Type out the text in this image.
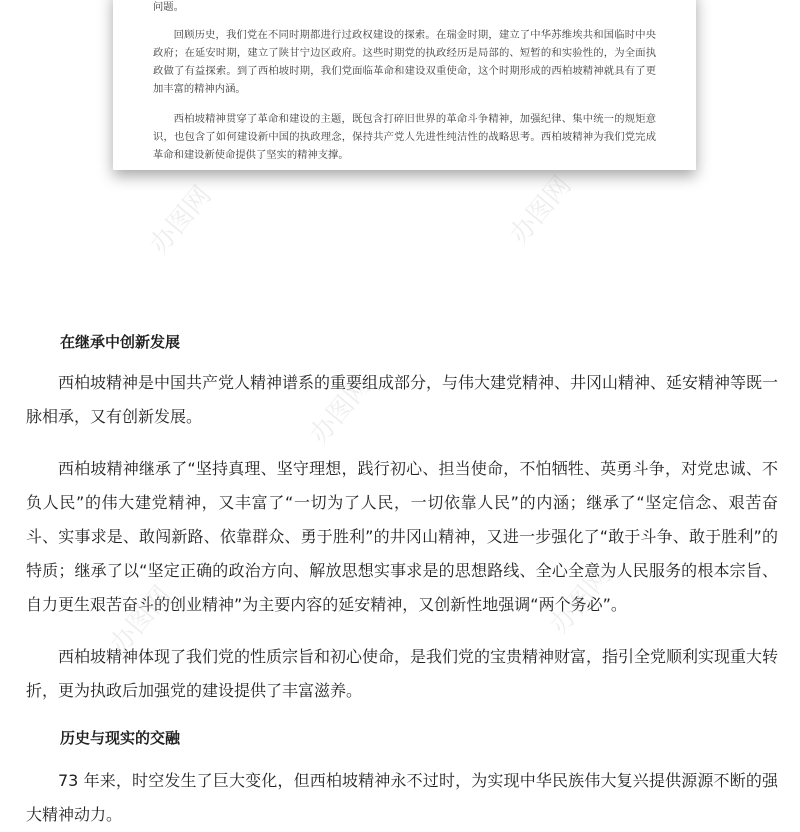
问题。

回顾历史，我们党在不同时期都进行过政权建设的探索。在瑞金时期，建立了中华苏维埃共和国临时中央政府；在延安时期，建立了陕甘宁边区政府。这些时期党的执政经历是局部的、短暂的和实验性的，为全面执政做了有益探索。到了西柏坡时期，我们党面临革命和建设双重使命，这个时期形成的西柏坡精神就具有了更加丰富的精神内涵。

西柏坡精神贯穿了革命和建设的主题，既包含打碎旧世界的革命斗争精神，加强纪律、集中统一的规矩意识，也包含了如何建设新中国的执政理念，保持共产党人先进性纯洁性的战略思考。西柏坡精神为我们党完成革命和建设新使命提供了坚实的精神支撑。

在继承中创新发展

西柏坡精神是中国共产党人精神谱系的重要组成部分，与伟大建党精神、井冈山精神、延安精神等既一脉相承，又有创新发展。

西柏坡精神继承了“坚持真理、坚守理想，践行初心、担当使命，不怕牺牲、英勇斗争，对党忠诚、不负人民”的伟大建党精神，又丰富了“一切为了人民，一切依靠人民”的内涵；继承了“坚定信念、艰苦奋斗、实事求是、敢闯新路、依靠群众、勇于胜利”的井冈山精神，又进一步强化了“敢于斗争、敢于胜利”的特质；继承了以“坚定正确的政治方向、解放思想实事求是的思想路线、全心全意为人民服务的根本宗旨、自力更生艰苦奋斗的创业精神”为主要内容的延安精神，又创新性地强调“两个务必”。

西柏坡精神体现了我们党的性质宗旨和初心使命，是我们党的宝贵精神财富，指引全党顺利实现重大转折，更为执政后加强党的建设提供了丰富滋养。

历史与现实的交融

73 年来，时空发生了巨大变化，但西柏坡精神永不过时，为实现中华民族伟大复兴提供源源不断的强大精神动力。

办图网	办图网
办图网
办图网	办图网
